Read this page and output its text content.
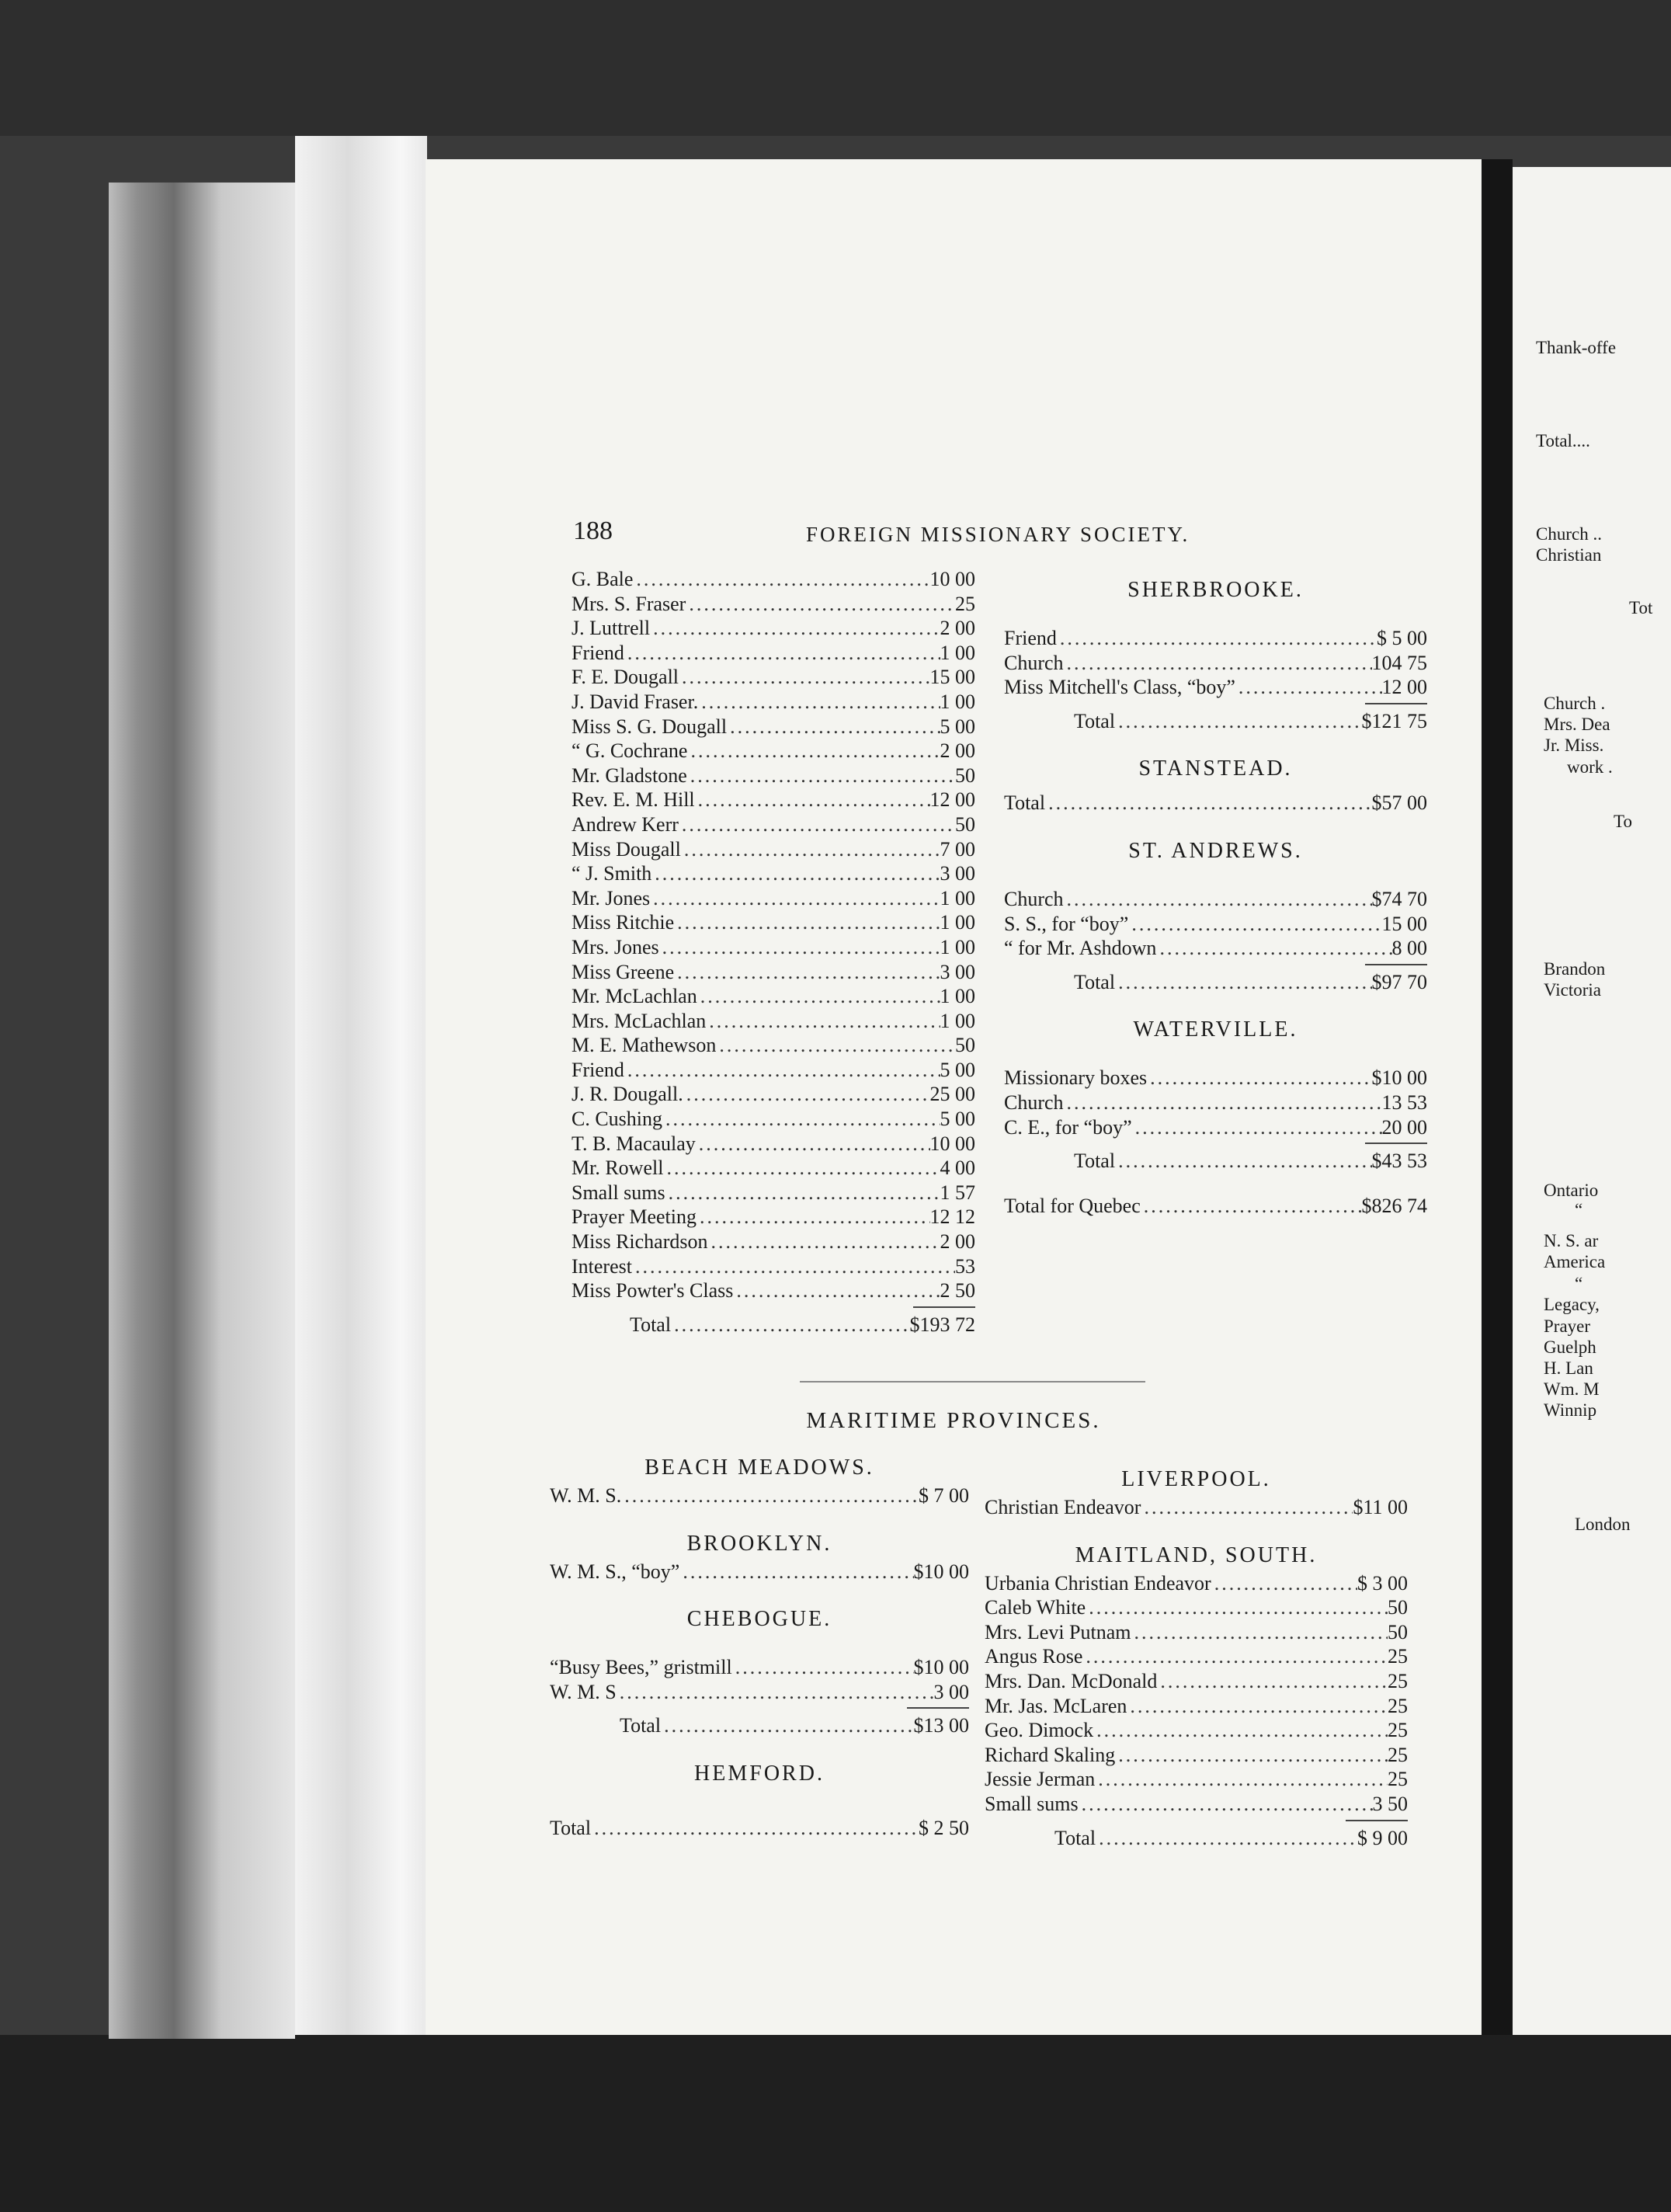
188	FOREIGN MISSIONARY SOCIETY.
G. Bale .....	10 00
Mrs. S. Fraser .....	25
J. Luttrell .....	2 00
Friend .....	1 00
F. E. Dougall .....	15 00
J. David Fraser. .....	1 00
Miss S. G. Dougall .....	5 00
“ G. Cochrane .....	2 00
Mr. Gladstone .....	50
Rev. E. M. Hill .....	12 00
Andrew Kerr .....	50
Miss Dougall .....	7 00
“ J. Smith .....	3 00
Mr. Jones .....	1 00
Miss Ritchie .....	1 00
Mrs. Jones .....	1 00
Miss Greene .....	3 00
Mr. McLachlan .....	1 00
Mrs. McLachlan .....	1 00
M. E. Mathewson .....	50
Friend .....	5 00
J. R. Dougall. .....	25 00
C. Cushing .....	5 00
T. B. Macaulay .....	10 00
Mr. Rowell .....	4 00
Small sums .....	1 57
Prayer Meeting .....	12 12
Miss Richardson .....	2 00
Interest .....	53
Miss Powter's Class .....	2 50
Total .....	$193 72
SHERBROOKE.
Friend .....	$ 5 00
Church .....	104 75
Miss Mitchell's Class, “boy” .....	12 00
Total .....	$121 75
STANSTEAD.
Total .....	$57 00
ST. ANDREWS.
Church .....	$74 70
S. S., for “boy” .....	15 00
“ for Mr. Ashdown .....	8 00
Total .....	$97 70
WATERVILLE.
Missionary boxes .....	$10 00
Church .....	13 53
C. E., for “boy” .....	20 00
Total .....	$43 53
Total for Quebec .....	$826 74
MARITIME PROVINCES.
BEACH MEADOWS.
W. M. S. .....	$ 7 00
BROOKLYN.
W. M. S., “boy” .....	$10 00
CHEBOGUE.
“Busy Bees,” gristmill .....	$10 00
W. M. S .....	3 00
Total .....	$13 00
HEMFORD.
Total .....	$ 2 50
LIVERPOOL.
Christian Endeavor .....	$11 00
MAITLAND, SOUTH.
Urbania Christian Endeavor .....	$ 3 00
Caleb White .....	50
Mrs. Levi Putnam .....	50
Angus Rose .....	25
Mrs. Dan. McDonald .....	25
Mr. Jas. McLaren .....	25
Geo. Dimock .....	25
Richard Skaling .....	25
Jessie Jerman .....	25
Small sums .....	3 50
Total .....	$ 9 00
Thank-offe
Total....
Church ..
Christian
Tot
Church .
Mrs. Dea
Jr. Miss.
work .
To
Brandon
Victoria
Ontario
“
N. S. ar
America
“
Legacy,
Prayer
Guelph
H. Lan
Wm. M
Winnip
London
